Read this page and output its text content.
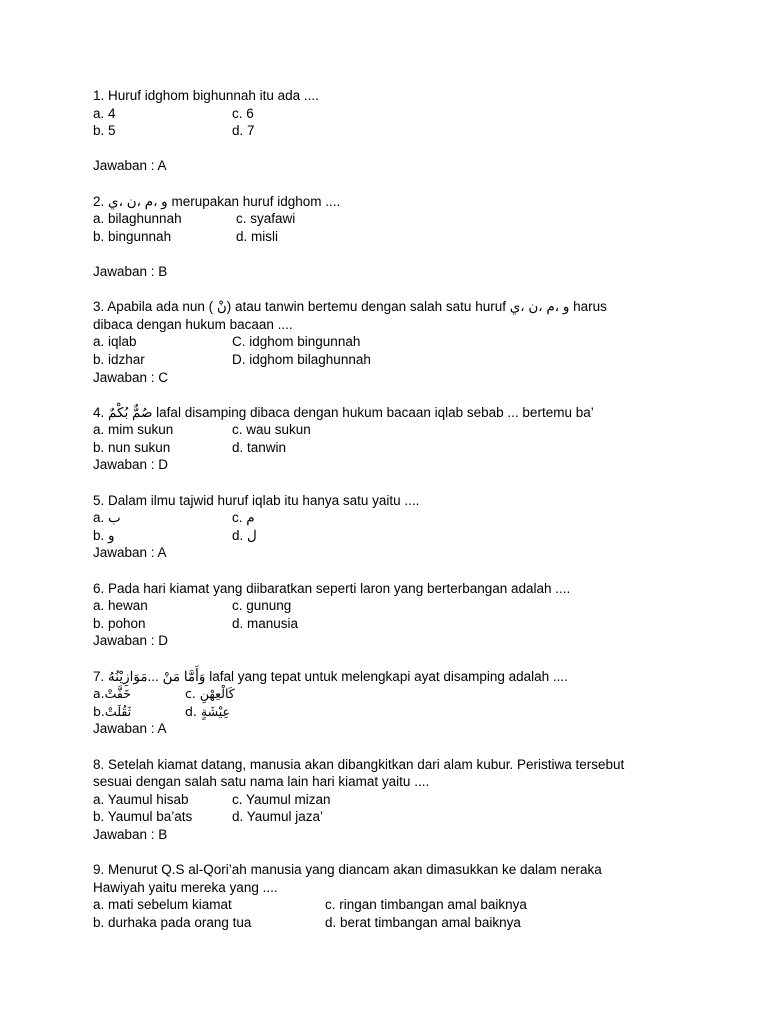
1. Huruf idghom bighunnah itu ada ....
a. 4	c. 6
b. 5	d. 7
Jawaban : A
2. و ،م ،ن ،ي merupakan huruf idghom ....
a. bilaghunnah	c. syafawi
b. bingunnah	d. misli
Jawaban : B
3. Apabila ada nun ( نْ) atau tanwin bertemu dengan salah satu huruf و ،م ،ن ،ي harus
dibaca dengan hukum bacaan ....
a. iqlab	C. idghom bingunnah
b. idzhar	D. idghom bilaghunnah
Jawaban : C
4. صُمٌّ بُكْمٌ lafal disamping dibaca dengan hukum bacaan iqlab sebab ... bertemu ba’
a. mim sukun	c. wau sukun
b. nun sukun	d. tanwin
Jawaban : D
5. Dalam ilmu tajwid huruf iqlab itu hanya satu yaitu ....
a. ب	c. م
b. و	d. ل
Jawaban : A
6. Pada hari kiamat yang diibaratkan seperti laron yang berterbangan adalah ....
a. hewan	c. gunung
b. pohon	d. manusia
Jawaban : D
7. وَأَمَّا مَنْ ...مَوَازِيْنُهُ lafal yang tepat untuk melengkapi ayat disamping adalah ....
a.خَفَّتْ	c. كَالْعِهْنِ
b.ثَقُلَتْ	d. عِيْشَةٍ
Jawaban : A
8. Setelah kiamat datang, manusia akan dibangkitkan dari alam kubur. Peristiwa tersebut
sesuai dengan salah satu nama lain hari kiamat yaitu ....
a. Yaumul hisab	c. Yaumul mizan
b. Yaumul ba’ats	d. Yaumul jaza’
Jawaban : B
9. Menurut Q.S al-Qori’ah manusia yang diancam akan dimasukkan ke dalam neraka
Hawiyah yaitu mereka yang ....
a. mati sebelum kiamat	c. ringan timbangan amal baiknya
b. durhaka pada orang tua	d. berat timbangan amal baiknya
